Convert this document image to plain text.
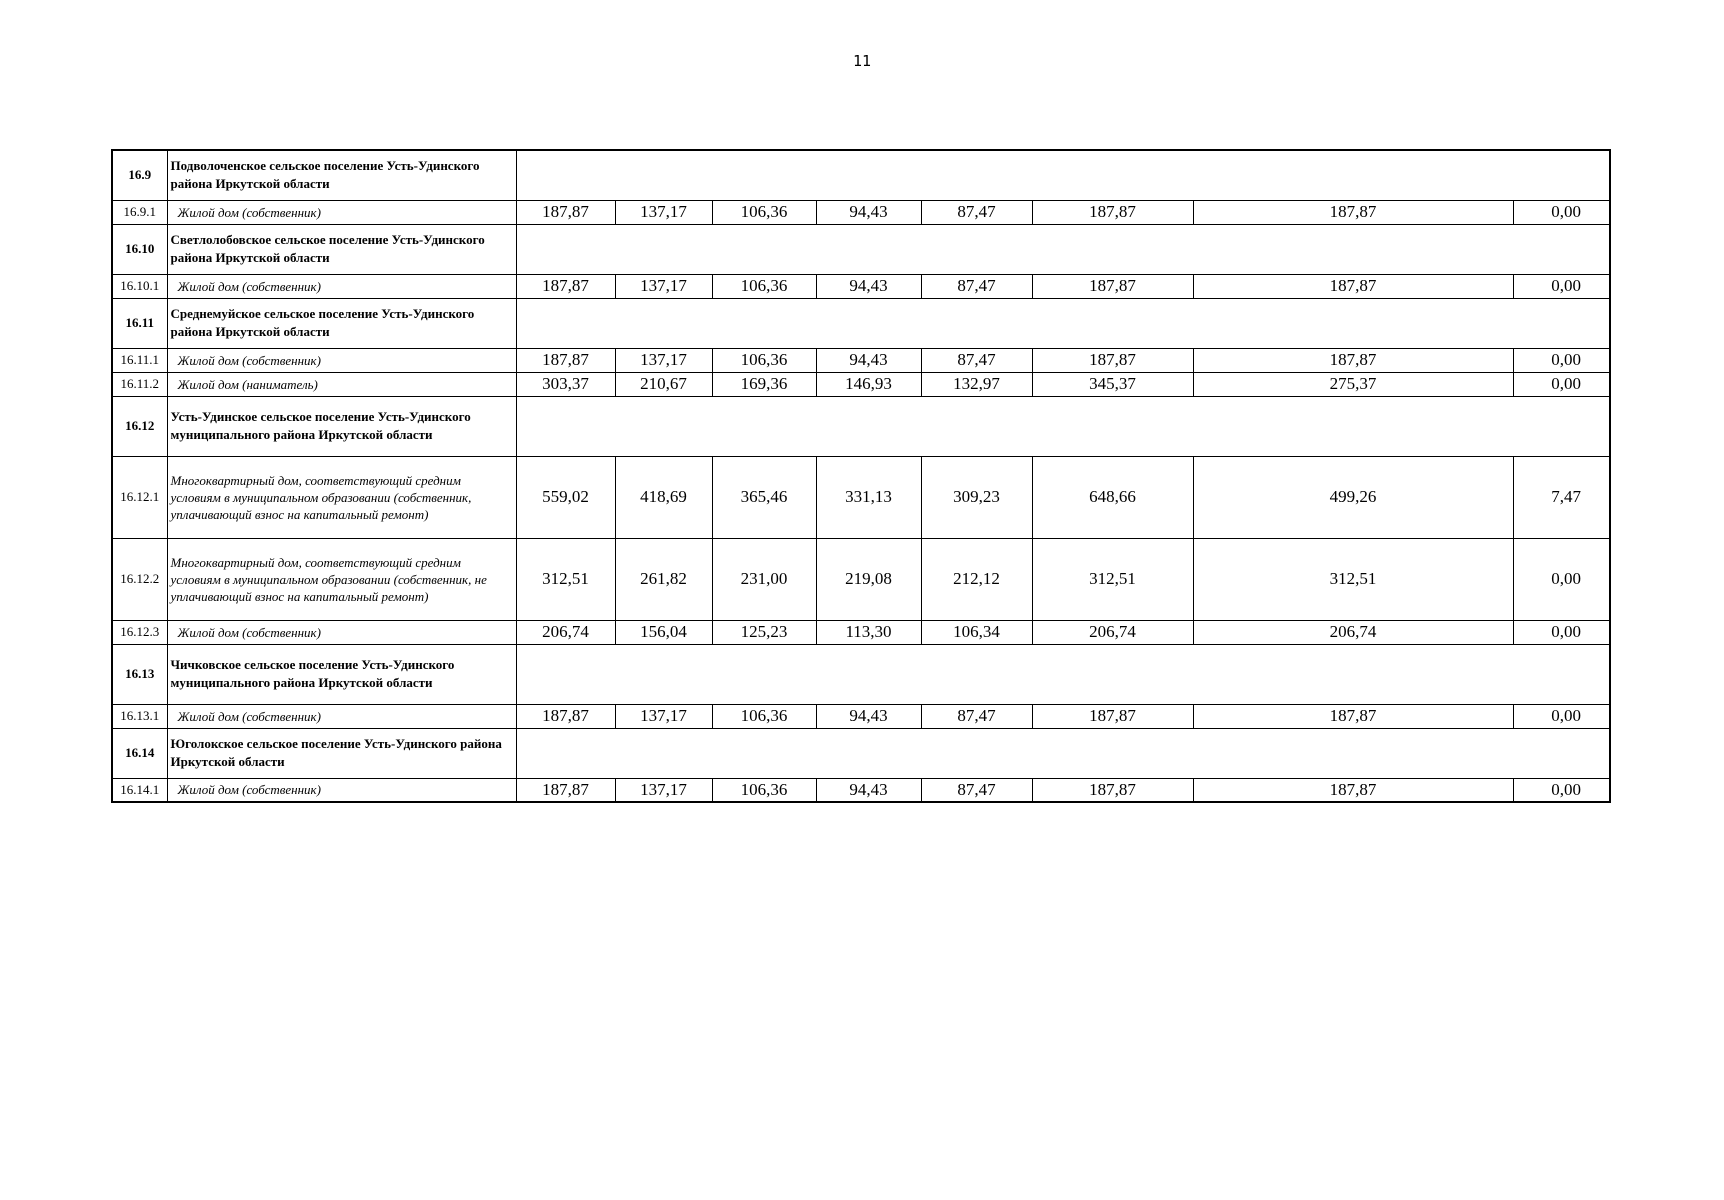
11
16.9	Подволоченское сельское поселение Усть-Удинского района Иркутской области								
16.9.1	Жилой дом (собственник)	187,87	137,17	106,36	94,43	87,47	187,87	187,87	0,00
16.10	Светлолобовское сельское поселение Усть-Удинского района Иркутской области								
16.10.1	Жилой дом (собственник)	187,87	137,17	106,36	94,43	87,47	187,87	187,87	0,00
16.11	Среднемуйское сельское поселение Усть-Удинского района Иркутской области								
16.11.1	Жилой дом (собственник)	187,87	137,17	106,36	94,43	87,47	187,87	187,87	0,00
16.11.2	Жилой дом (наниматель)	303,37	210,67	169,36	146,93	132,97	345,37	275,37	0,00
16.12	Усть-Удинское сельское поселение Усть-Удинского муниципального района Иркутской области								
16.12.1	Многоквартирный дом, соответствующий средним условиям в муниципальном образовании (собственник, уплачивающий взнос на капитальный ремонт)	559,02	418,69	365,46	331,13	309,23	648,66	499,26	7,47
16.12.2	Многоквартирный дом, соответствующий средним условиям в муниципальном образовании (собственник, не уплачивающий взнос на капитальный ремонт)	312,51	261,82	231,00	219,08	212,12	312,51	312,51	0,00
16.12.3	Жилой дом (собственник)	206,74	156,04	125,23	113,30	106,34	206,74	206,74	0,00
16.13	Чичковское сельское поселение Усть-Удинского муниципального района Иркутской области								
16.13.1	Жилой дом (собственник)	187,87	137,17	106,36	94,43	87,47	187,87	187,87	0,00
16.14	Юголокское сельское поселение Усть-Удинского района Иркутской области								
16.14.1	Жилой дом (собственник)	187,87	137,17	106,36	94,43	87,47	187,87	187,87	0,00
